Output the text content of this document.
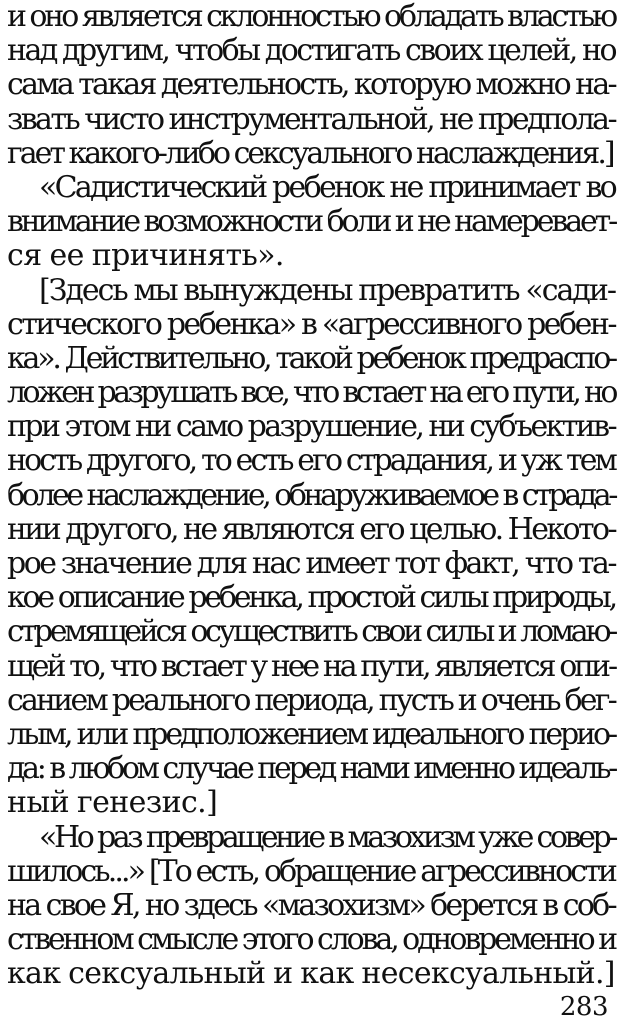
и оно является склонностью обладать властью
над другим, чтобы достигать своих целей, но
сама такая деятельность, которую можно на-
звать чисто инструментальной, не предпола-
гает какого-либо сексуального наслаждения.]
«Садистический ребенок не принимает во
внимание возможности боли и не намеревает-
ся ее причинять».
[Здесь мы вынуждены превратить «сади-
стического ребенка» в «агрессивного ребен-
ка». Действительно, такой ребенок предраспо-
ложен разрушать все, что встает на его пути, но
при этом ни само разрушение, ни субъектив-
ность другого, то есть его страдания, и уж тем
более наслаждение, обнаруживаемое в страда-
нии другого, не являются его целью. Некото-
рое значение для нас имеет тот факт, что та-
кое описание ребенка, простой силы природы,
стремящейся осуществить свои силы и ломаю-
щей то, что встает у нее на пути, является опи-
санием реального периода, пусть и очень бег-
лым, или предположением идеального перио-
да: в любом случае перед нами именно идеаль-
ный генезис.]
«Но раз превращение в мазохизм уже совер-
шилось...» [То есть, обращение агрессивности
на свое Я, но здесь «мазохизм» берется в соб-
ственном смысле этого слова, одновременно и
как сексуальный и как несексуальный.]
283
